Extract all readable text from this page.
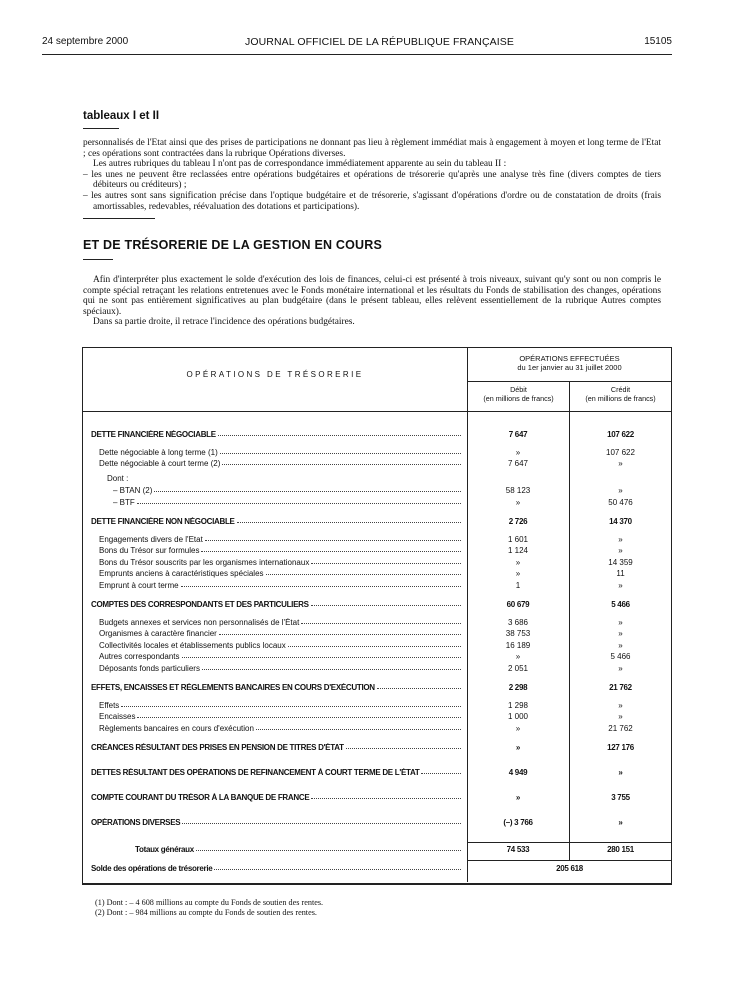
24 septembre 2000	JOURNAL OFFICIEL DE LA RÉPUBLIQUE FRANÇAISE	15105
tableaux I et II

personnalisés de l'Etat ainsi que des prises de participations ne donnant pas lieu à règlement immédiat mais à engagement à moyen et long terme de l'Etat ; ces opérations sont contractées dans la rubrique Opérations diverses.

Les autres rubriques du tableau I n'ont pas de correspondance immédiatement apparente au sein du tableau II :

– les unes ne peuvent être reclassées entre opérations budgétaires et opérations de trésorerie qu'après une analyse très fine (divers comptes de tiers débiteurs ou créditeurs) ;

– les autres sont sans signification précise dans l'optique budgétaire et de trésorerie, s'agissant d'opérations d'ordre ou de constatation de droits (frais amortissables, redevables, réévaluation des dotations et participations).

ET DE TRÉSORERIE DE LA GESTION EN COURS

Afin d'interpréter plus exactement le solde d'exécution des lois de finances, celui-ci est présenté à trois niveaux, suivant qu'y sont ou non compris le compte spécial retraçant les relations entretenues avec le Fonds monétaire international et les résultats du Fonds de stabilisation des changes, opérations qui ne sont pas entièrement significatives au plan budgétaire (dans le présent tableau, elles relèvent essentiellement de la rubrique Autres comptes spéciaux).

Dans sa partie droite, il retrace l'incidence des opérations budgétaires.

OPÉRATIONS DE TRÉSORERIE
OPÉRATIONS EFFECTUÉES
du 1er janvier au 31 juillet 2000
Débit
(en millions de francs)
Crédit
(en millions de francs)
DETTE FINANCIÈRE NÉGOCIABLE	7 647	107 622
Dette négociable à long terme (1)	»	107 622
Dette négociable à court terme (2)	7 647	»
Dont :
– BTAN (2)	58 123	»
– BTF	»	50 476
DETTE FINANCIÈRE NON NÉGOCIABLE	2 726	14 370
Engagements divers de l'Etat	1 601	»
Bons du Trésor sur formules	1 124	»
Bons du Trésor souscrits par les organismes internationaux	»	14 359
Emprunts anciens à caractéristiques spéciales	»	11
Emprunt à court terme	1	»
COMPTES DES CORRESPONDANTS ET DES PARTICULIERS	60 679	5 466
Budgets annexes et services non personnalisés de l'État	3 686	»
Organismes à caractère financier	38 753	»
Collectivités locales et établissements publics locaux	16 189	»
Autres correspondants	»	5 466
Déposants fonds particuliers	2 051	»
EFFETS, ENCAISSES ET RÈGLEMENTS BANCAIRES EN COURS D'EXÉCUTION	2 298	21 762
Effets	1 298	»
Encaisses	1 000	»
Règlements bancaires en cours d'exécution	»	21 762
CRÉANCES RÉSULTANT DES PRISES EN PENSION DE TITRES D'ÉTAT	»	127 176
DETTES RÉSULTANT DES OPÉRATIONS DE REFINANCEMENT À COURT TERME DE L'ÉTAT	4 949	»
COMPTE COURANT DU TRÉSOR À LA BANQUE DE FRANCE	»	3 755
OPÉRATIONS DIVERSES	(–) 3 766	»
Totaux généraux	74 533	280 151
Solde des opérations de trésorerie	205 618
(1) Dont : – 4 608 millions au compte du Fonds de soutien des rentes.
(2) Dont : – 984 millions au compte du Fonds de soutien des rentes.
